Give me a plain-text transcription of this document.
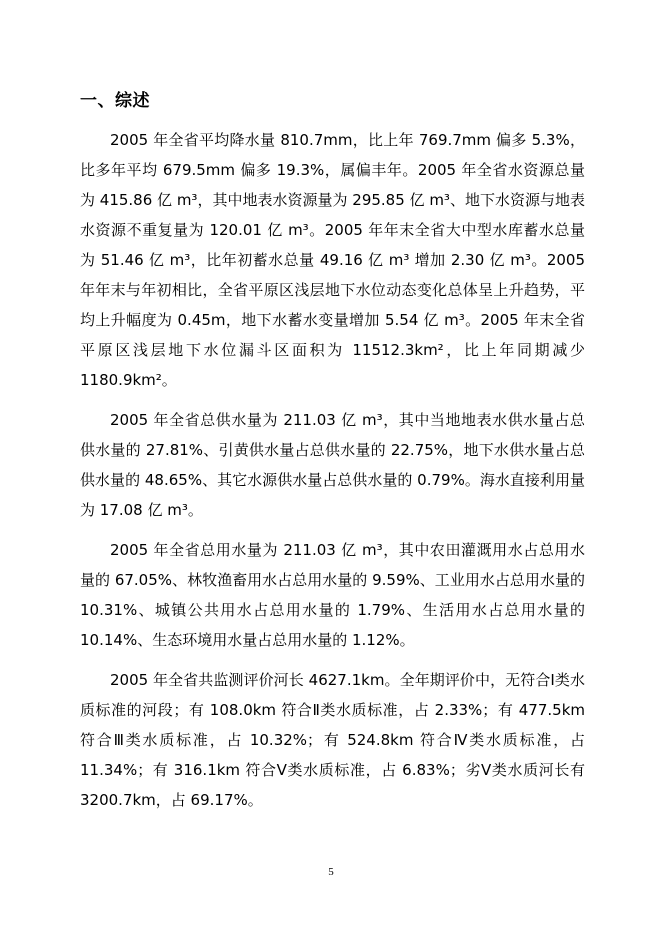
一、综述

2005 年全省平均降水量 810.7mm，比上年 769.7mm 偏多 5.3%，比多年平均 679.5mm 偏多 19.3%，属偏丰年。2005 年全省水资源总量为 415.86 亿 m³，其中地表水资源量为 295.85 亿 m³、地下水资源与地表水资源不重复量为 120.01 亿 m³。2005 年年末全省大中型水库蓄水总量为 51.46 亿 m³，比年初蓄水总量 49.16 亿 m³ 增加 2.30 亿 m³。2005 年年末与年初相比，全省平原区浅层地下水位动态变化总体呈上升趋势，平均上升幅度为 0.45m，地下水蓄水变量增加 5.54 亿 m³。2005 年末全省平原区浅层地下水位漏斗区面积为 11512.3km²，比上年同期减少 1180.9km²。

2005 年全省总供水量为 211.03 亿 m³，其中当地地表水供水量占总供水量的 27.81%、引黄供水量占总供水量的 22.75%，地下水供水量占总供水量的 48.65%、其它水源供水量占总供水量的 0.79%。海水直接利用量为 17.08 亿 m³。

2005 年全省总用水量为 211.03 亿 m³，其中农田灌溉用水占总用水量的 67.05%、林牧渔畜用水占总用水量的 9.59%、工业用水占总用水量的 10.31%、城镇公共用水占总用水量的 1.79%、生活用水占总用水量的 10.14%、生态环境用水量占总用水量的 1.12%。

2005 年全省共监测评价河长 4627.1km。全年期评价中，无符合Ⅰ类水质标准的河段；有 108.0km 符合Ⅱ类水质标准，占 2.33%；有 477.5km 符合Ⅲ类水质标准，占 10.32%；有 524.8km 符合Ⅳ类水质标准，占 11.34%；有 316.1km 符合Ⅴ类水质标准，占 6.83%；劣Ⅴ类水质河长有 3200.7km，占 69.17%。

5
